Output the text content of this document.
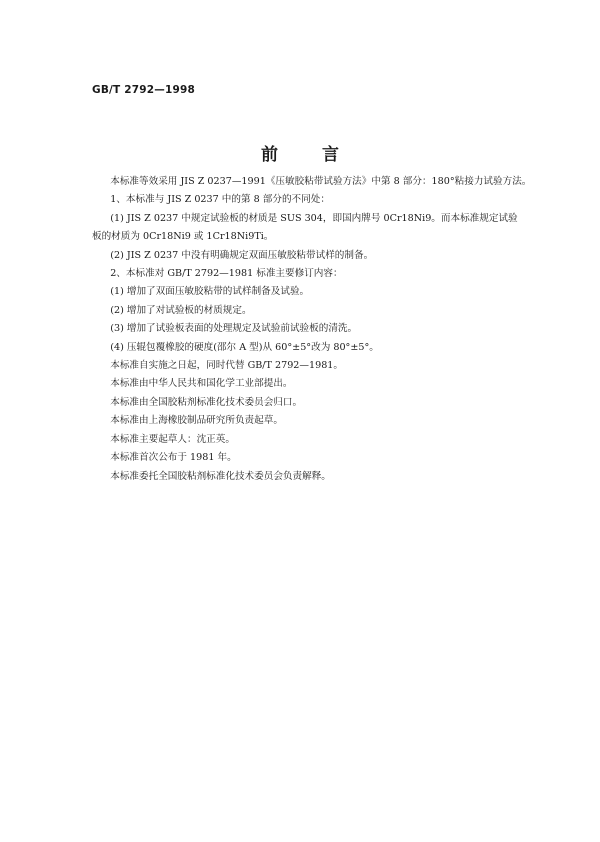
GB/T 2792—1998
前言

本标准等效采用 JIS Z 0237—1991《压敏胶粘带试验方法》中第 8 部分：180°粘接力试验方法。

1、本标准与 JIS Z 0237 中的第 8 部分的不同处：

(1) JIS Z 0237 中规定试验板的材质是 SUS 304，即国内牌号 0Cr18Ni9。而本标准规定试验板的材质为 0Cr18Ni9 或 1Cr18Ni9Ti。

(2) JIS Z 0237 中没有明确规定双面压敏胶粘带试样的制备。

2、本标准对 GB/T 2792—1981 标准主要修订内容：

(1) 增加了双面压敏胶粘带的试样制备及试验。

(2) 增加了对试验板的材质规定。

(3) 增加了试验板表面的处理规定及试验前试验板的清洗。

(4) 压辊包覆橡胶的硬度(邵尔 A 型)从 60°±5°改为 80°±5°。

本标准自实施之日起，同时代替 GB/T 2792—1981。

本标准由中华人民共和国化学工业部提出。

本标准由全国胶粘剂标准化技术委员会归口。

本标准由上海橡胶制品研究所负责起草。

本标准主要起草人：沈正英。

本标准首次公布于 1981 年。

本标准委托全国胶粘剂标准化技术委员会负责解释。
